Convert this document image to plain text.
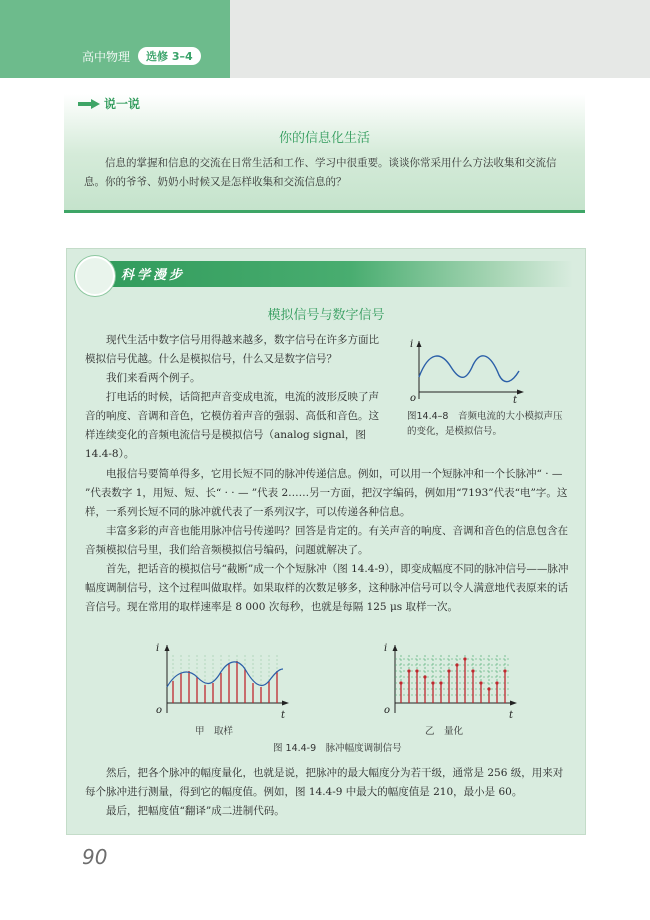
高中物理	选修 3–4
说一说
你的信息化生活
信息的掌握和信息的交流在日常生活和工作、学习中很重要。谈谈你常采用什么方法收集和交流信息。你的爷爷、奶奶小时候又是怎样收集和交流信息的？
科学漫步
模拟信号与数字信号
现代生活中数字信号用得越来越多，数字信号在许多方面比模拟信号优越。什么是模拟信号，什么又是数字信号？
我们来看两个例子。
打电话的时候，话筒把声音变成电流，电流的波形反映了声音的响度、音调和音色，它模仿着声音的强弱、高低和音色。这样连续变化的音频电流信号是模拟信号（analog signal，图 14.4-8）。
i
o	t
图14.4–8　音频电流的大小模拟声压的变化，是模拟信号。
电报信号要简单得多，它用长短不同的脉冲传递信息。例如，可以用一个短脉冲和一个长脉冲“ · — ”代表数字 1，用短、短、长“ · · — ”代表 2……另一方面，把汉字编码，例如用“7193”代表“电”字。这样，一系列长短不同的脉冲就代表了一系列汉字，可以传递各种信息。
丰富多彩的声音也能用脉冲信号传递吗？回答是肯定的。有关声音的响度、音调和音色的信息包含在音频模拟信号里，我们给音频模拟信号编码，问题就解决了。
首先，把话音的模拟信号“截断”成一个个短脉冲（图 14.4-9），即变成幅度不同的脉冲信号——脉冲幅度调制信号，这个过程叫做取样。如果取样的次数足够多，这种脉冲信号可以令人满意地代表原来的话音信号。现在常用的取样速率是 8 000 次每秒，也就是每隔 125 μs 取样一次。
i
o	t
甲　取样
i
o	t
乙　量化
图 14.4-9　脉冲幅度调制信号
然后，把各个脉冲的幅度量化，也就是说，把脉冲的最大幅度分为若干级，通常是 256 级，用来对每个脉冲进行测量，得到它的幅度值。例如，图 14.4-9 中最大的幅度值是 210，最小是 60。
最后，把幅度值“翻译”成二进制代码。
90
